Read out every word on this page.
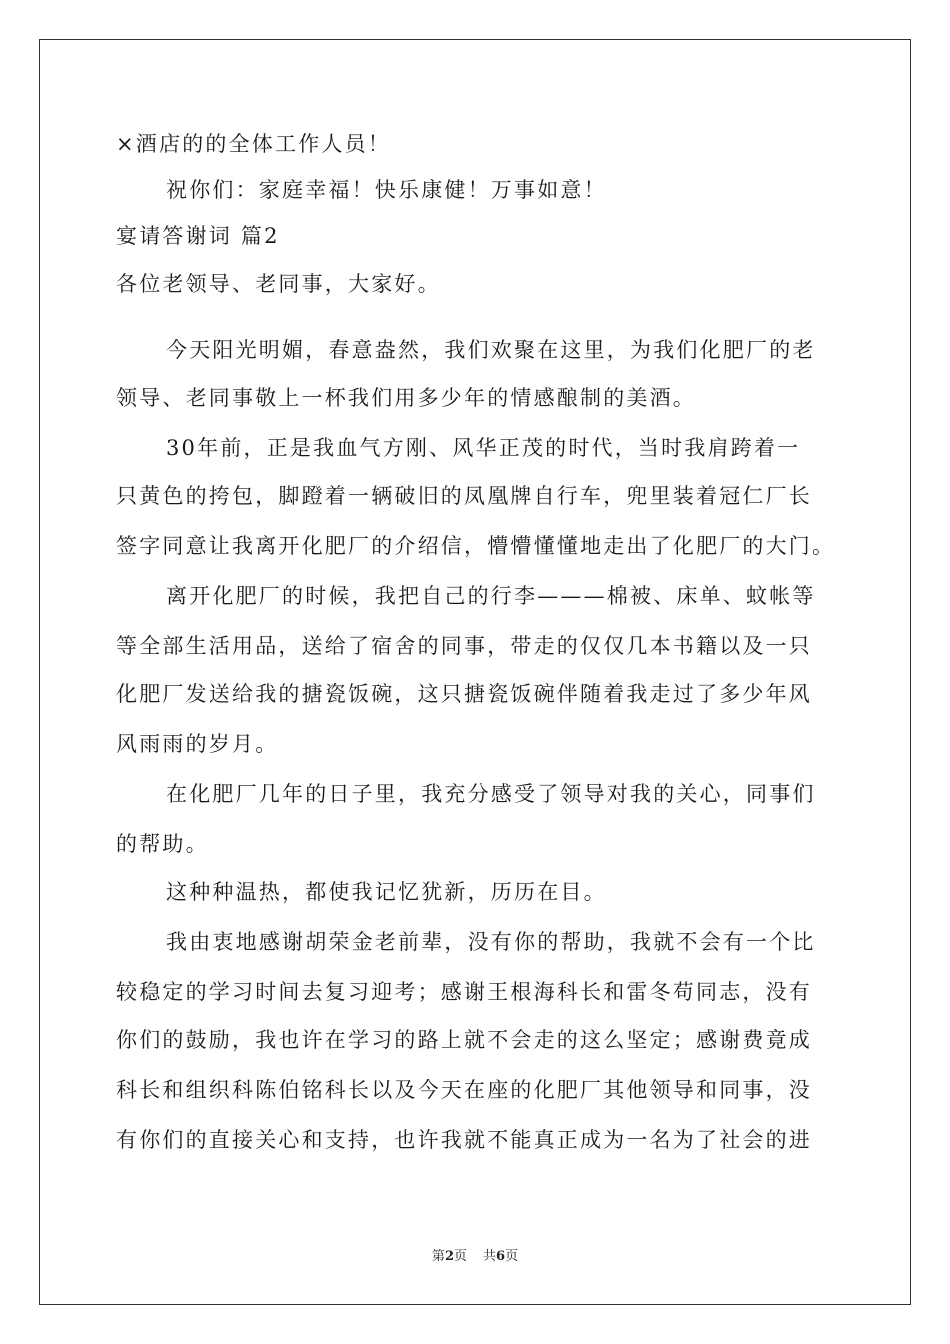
×酒店的的全体工作人员！
祝你们：家庭幸福！快乐康健！万事如意！
宴请答谢词 篇2
各位老领导、老同事，大家好。
今天阳光明媚，春意盎然，我们欢聚在这里，为我们化肥厂的老
领导、老同事敬上一杯我们用多少年的情感酿制的美酒。
30年前，正是我血气方刚、风华正茂的时代，当时我肩跨着一
只黄色的挎包，脚蹬着一辆破旧的凤凰牌自行车，兜里装着冠仁厂长
签字同意让我离开化肥厂的介绍信，懵懵懂懂地走出了化肥厂的大门。
离开化肥厂的时候，我把自己的行李———棉被、床单、蚊帐等
等全部生活用品，送给了宿舍的同事，带走的仅仅几本书籍以及一只
化肥厂发送给我的搪瓷饭碗，这只搪瓷饭碗伴随着我走过了多少年风
风雨雨的岁月。
在化肥厂几年的日子里，我充分感受了领导对我的关心，同事们
的帮助。
这种种温热，都使我记忆犹新，历历在目。
我由衷地感谢胡荣金老前辈，没有你的帮助，我就不会有一个比
较稳定的学习时间去复习迎考；感谢王根海科长和雷冬苟同志，没有
你们的鼓励，我也许在学习的路上就不会走的这么坚定；感谢费竟成
科长和组织科陈伯铭科长以及今天在座的化肥厂其他领导和同事，没
有你们的直接关心和支持，也许我就不能真正成为一名为了社会的进
第2页 共6页
